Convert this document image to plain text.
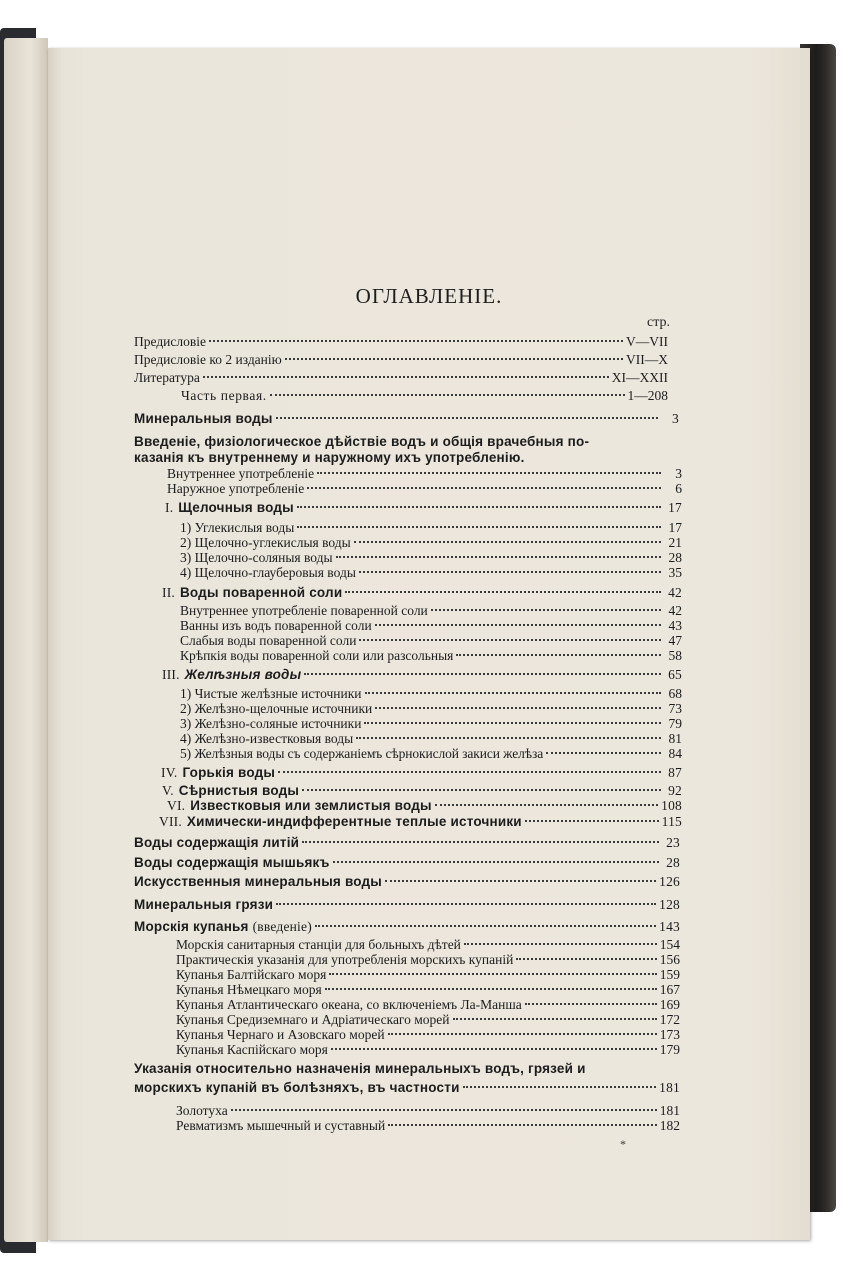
ОГЛАВЛЕНІЕ.
стр.
Предисловіе	V—VII
Предисловіе ко 2 изданію	VII—X
Литература	XI—XXII
Часть первая.	1—208
Минеральныя воды	3
Введеніе, физіологическое дѣйствіе водъ и общія врачебныя по-
казанія къ внутреннему и наружному ихъ употребленію.
Внутреннее употребленіе	3
Наружное употребленіе	6
I. Щелочныя воды	17
1) Углекислыя воды	17
2) Щелочно-углекислыя воды	21
3) Щелочно-соляныя воды	28
4) Щелочно-глауберовыя воды	35
II. Воды поваренной соли	42
Внутреннее употребленіе поваренной соли	42
Ванны изъ водъ поваренной соли	43
Слабыя воды поваренной соли	47
Крѣпкія воды поваренной соли или разсольныя	58
III. Желѣзныя воды	65
1) Чистые желѣзные источники	68
2) Желѣзно-щелочные источники	73
3) Желѣзно-соляные источники	79
4) Желѣзно-известковыя воды	81
5) Желѣзныя воды съ содержаніемъ сѣрнокислой закиси желѣза	84
IV. Горькія воды	87
V. Сѣрнистыя воды	92
VI. Известковыя или землистыя воды	108
VII. Химически-индифферентные теплые источники	115
Воды содержащія литій	23
Воды содержащія мышьякъ	28
Искусственныя минеральныя воды	126
Минеральныя грязи	128
Морскія купанья (введеніе)	143
Морскія санитарныя станціи для больныхъ дѣтей	154
Практическія указанія для употребленія морскихъ купаній	156
Купанья Балтійскаго моря	159
Купанья Нѣмецкаго моря	167
Купанья Атлантическаго океана, со включеніемъ Ла-Манша	169
Купанья Средиземнаго и Адріатическаго морей	172
Купанья Чернаго и Азовскаго морей	173
Купанья Каспійскаго моря	179
Указанія относительно назначенія минеральныхъ водъ, грязей и
морскихъ купаній въ болѣзняхъ, въ частности	181
Золотуха	181
Ревматизмъ мышечный и суставный	182
*
